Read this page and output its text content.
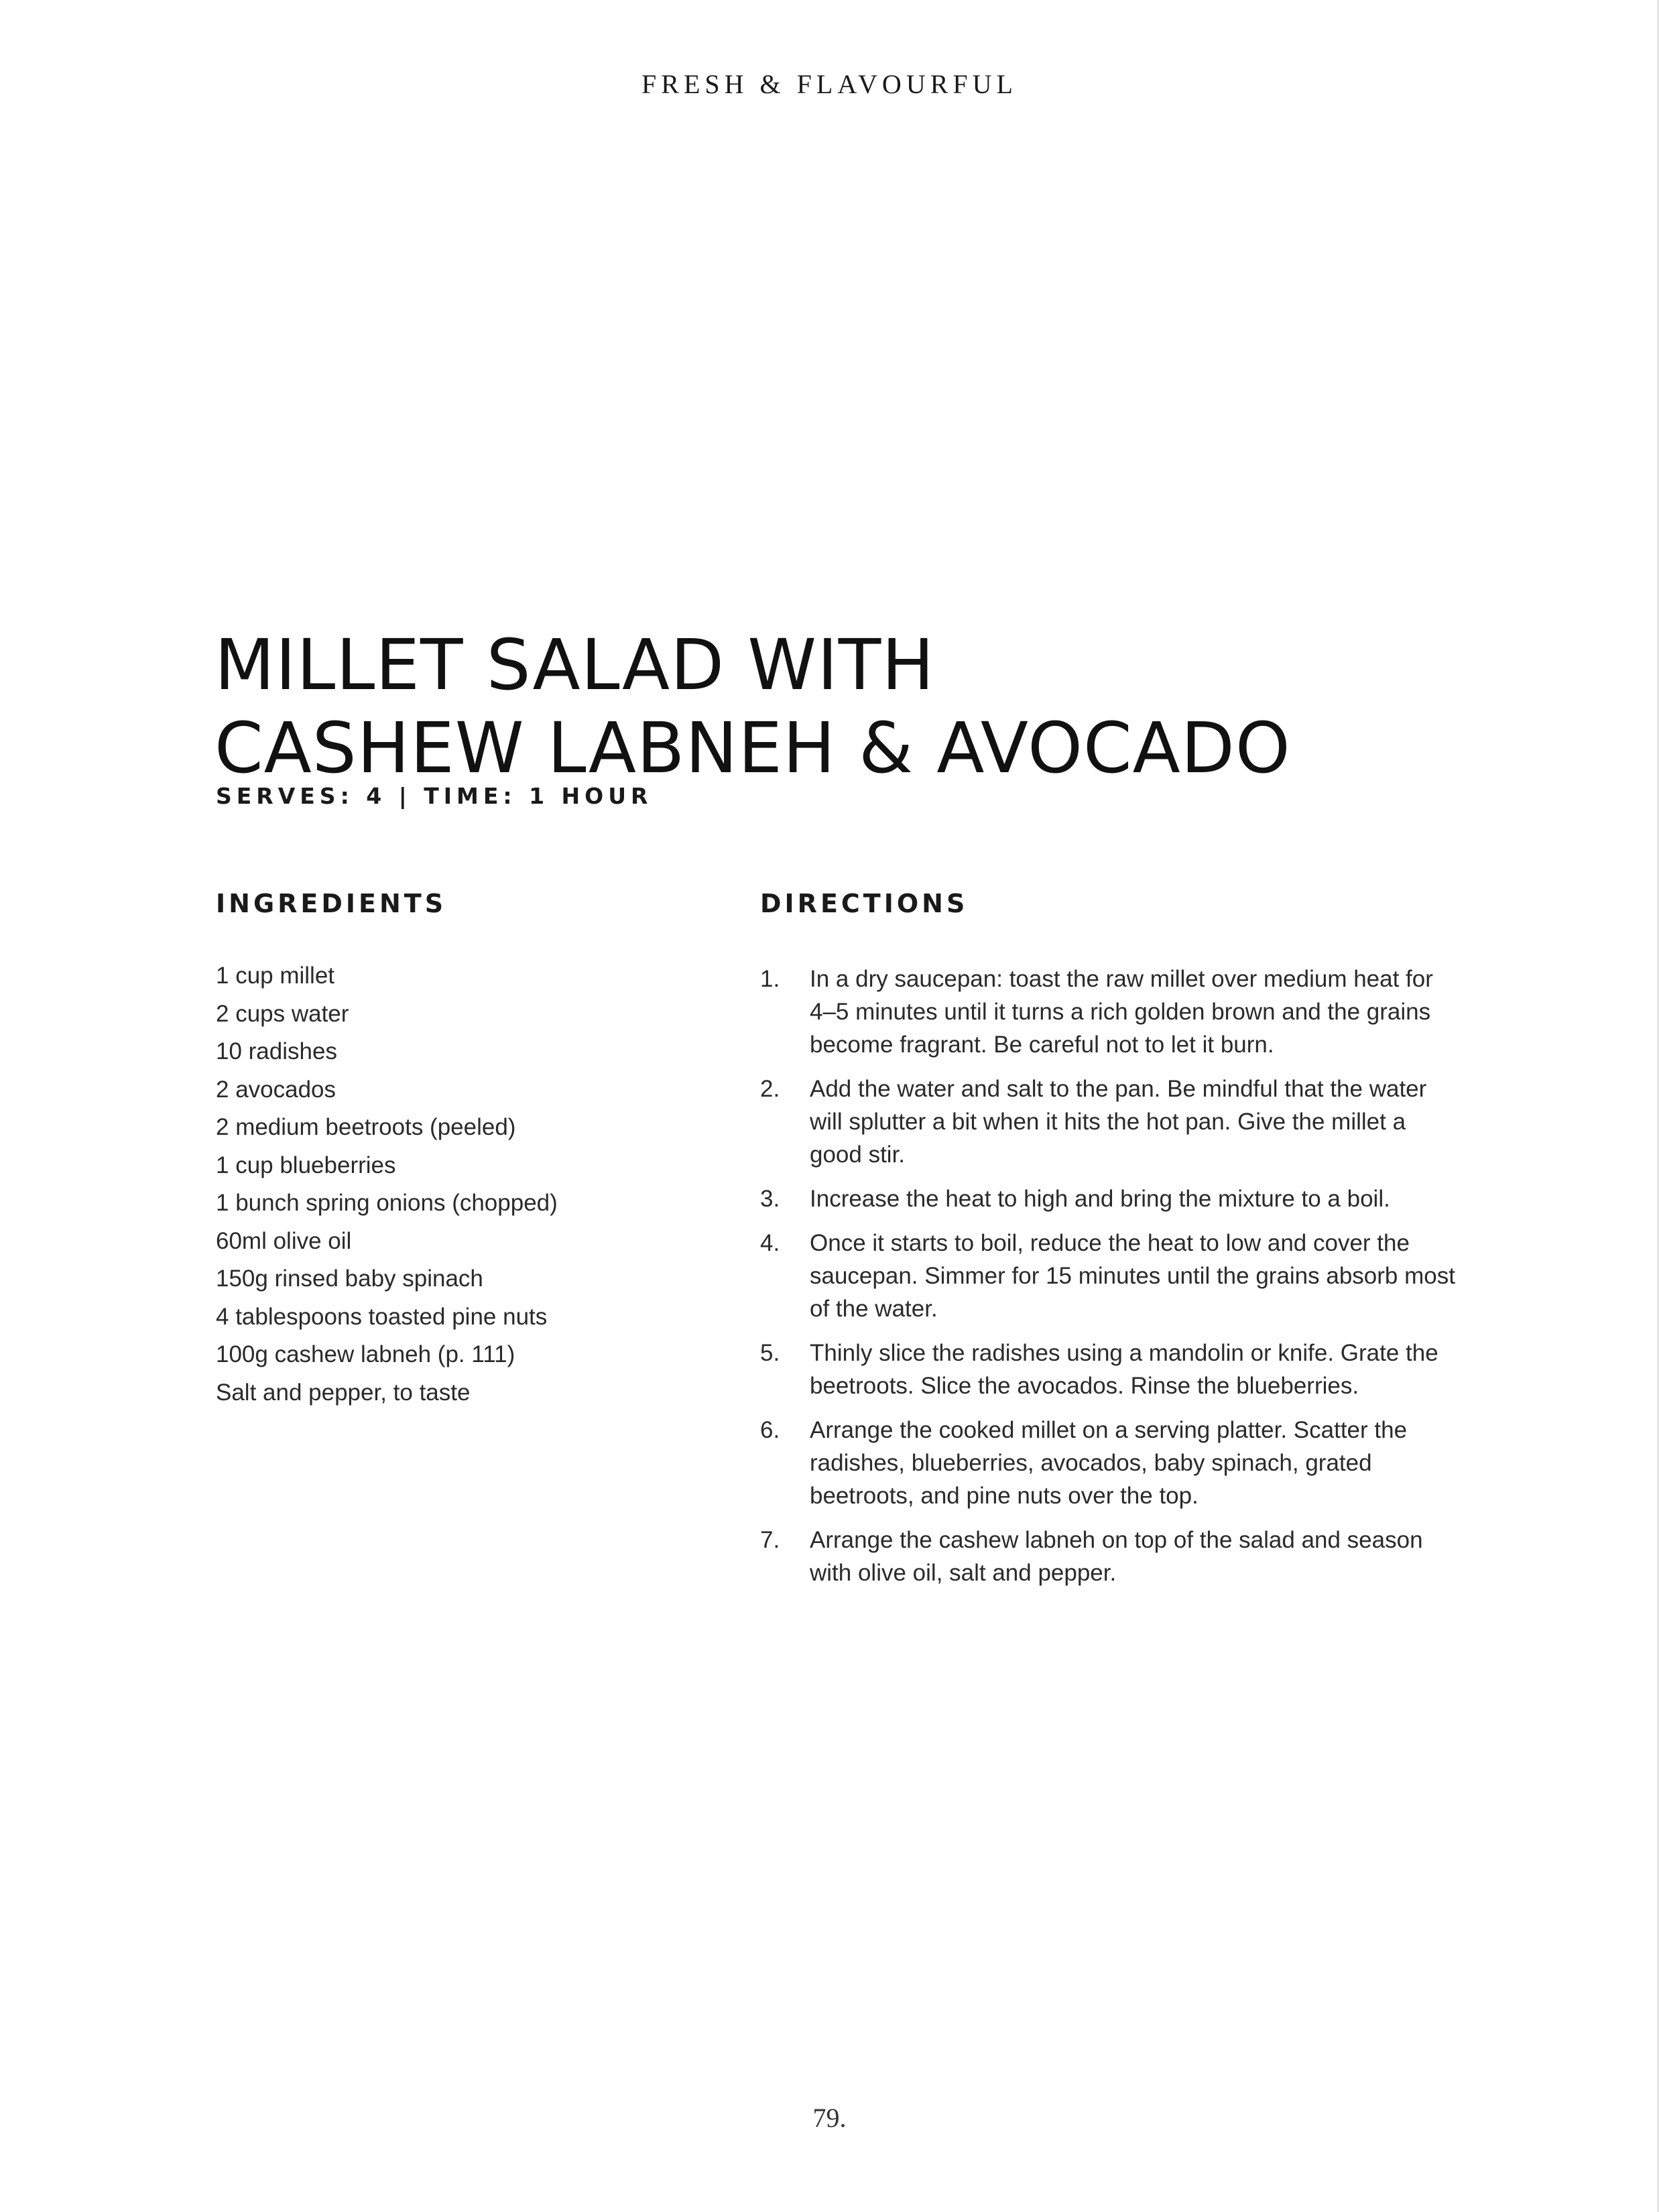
FRESH & FLAVOURFUL
MILLET SALAD WITH
CASHEW LABNEH & AVOCADO
SERVES: 4 | TIME: 1 HOUR
INGREDIENTS	DIRECTIONS
1 cup millet
2 cups water
10 radishes
2 avocados
2 medium beetroots (peeled)
1 cup blueberries
1 bunch spring onions (chopped)
60ml olive oil
150g rinsed baby spinach
4 tablespoons toasted pine nuts
100g cashew labneh (p. 111)
Salt and pepper, to taste
1.	In a dry saucepan: toast the raw millet over medium heat for 4–5 minutes until it turns a rich golden brown and the grains become fragrant. Be careful not to let it burn.
2.	Add the water and salt to the pan. Be mindful that the water will splutter a bit when it hits the hot pan. Give the millet a good stir.
3.	Increase the heat to high and bring the mixture to a boil.
4.	Once it starts to boil, reduce the heat to low and cover the saucepan. Simmer for 15 minutes until the grains absorb most of the water.
5.	Thinly slice the radishes using a mandolin or knife. Grate the beetroots. Slice the avocados. Rinse the blueberries.
6.	Arrange the cooked millet on a serving platter. Scatter the radishes, blueberries, avocados, baby spinach, grated beetroots, and pine nuts over the top.
7.	Arrange the cashew labneh on top of the salad and season with olive oil, salt and pepper.
79.
